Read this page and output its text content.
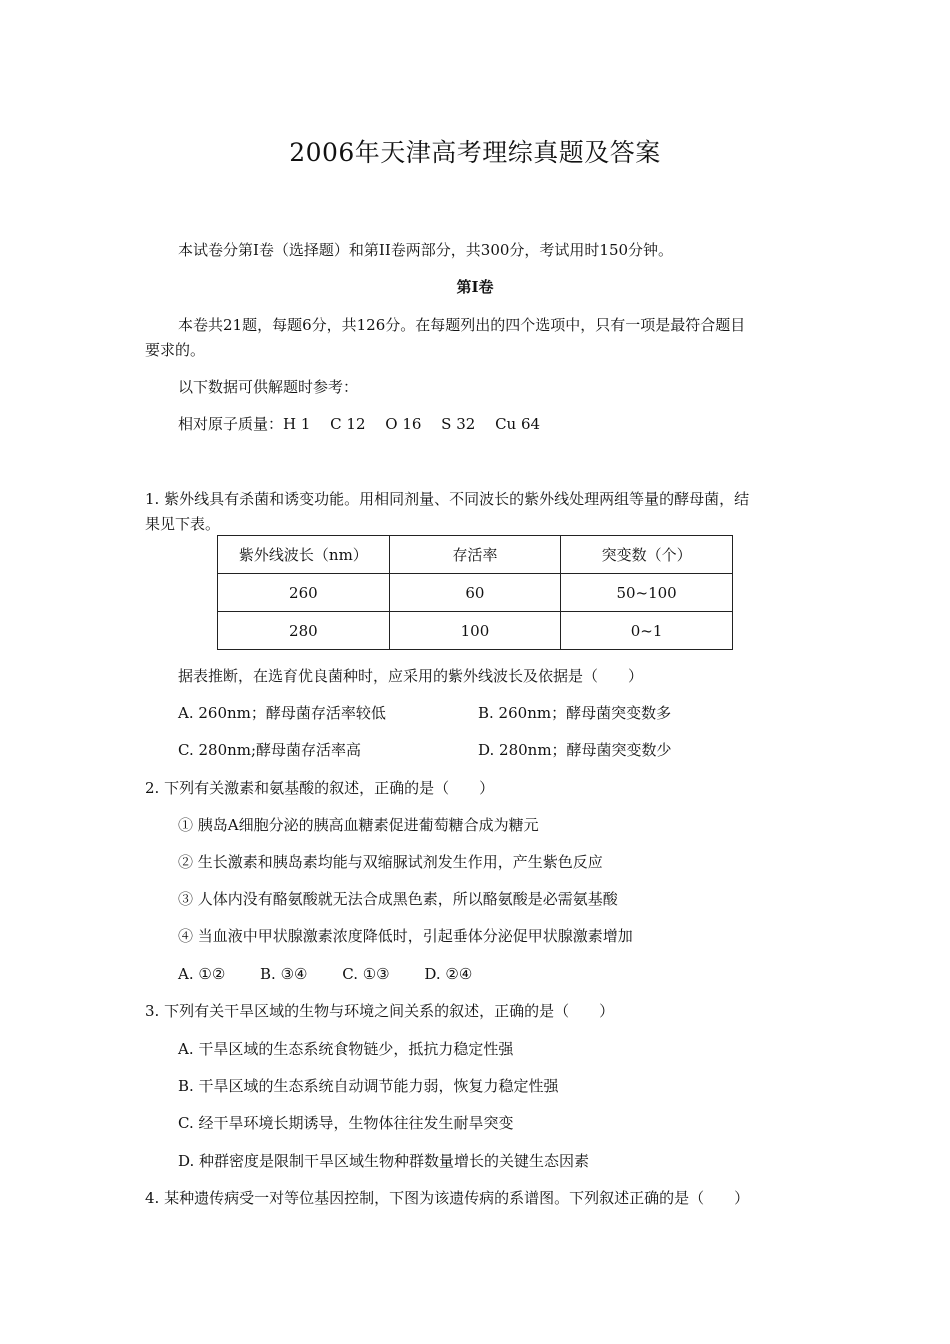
2006年天津高考理综真题及答案
本试卷分第I卷（选择题）和第II卷两部分，共300分，考试用时150分钟。
第I卷
本卷共21题，每题6分，共126分。在每题列出的四个选项中，只有一项是最符合题目
要求的。
以下数据可供解题时参考：
相对原子质量：H 1　 C 12　 O 16　 S 32　 Cu 64
1. 紫外线具有杀菌和诱变功能。用相同剂量、不同波长的紫外线处理两组等量的酵母菌，结
果见下表。
紫外线波长（nm）	存活率	突变数（个）
260	60	50~100
280	100	0~1
据表推断，在选育优良菌种时，应采用的紫外线波长及依据是（　　）
A. 260nm；酵母菌存活率较低	B. 260nm；酵母菌突变数多
C. 280nm;酵母菌存活率高	D. 280nm；酵母菌突变数少
2. 下列有关激素和氨基酸的叙述，正确的是（　　）
① 胰岛A细胞分泌的胰高血糖素促进葡萄糖合成为糖元
② 生长激素和胰岛素均能与双缩脲试剂发生作用，产生紫色反应
③ 人体内没有酪氨酸就无法合成黑色素，所以酪氨酸是必需氨基酸
④ 当血液中甲状腺激素浓度降低时，引起垂体分泌促甲状腺激素增加
A. ①②　　 B. ③④　　 C. ①③　　 D. ②④
3. 下列有关干旱区域的生物与环境之间关系的叙述，正确的是（　　）
A. 干旱区域的生态系统食物链少，抵抗力稳定性强
B. 干旱区域的生态系统自动调节能力弱，恢复力稳定性强
C. 经干旱环境长期诱导，生物体往往发生耐旱突变
D. 种群密度是限制干旱区域生物种群数量增长的关键生态因素
4. 某种遗传病受一对等位基因控制，下图为该遗传病的系谱图。下列叙述正确的是（　　）
